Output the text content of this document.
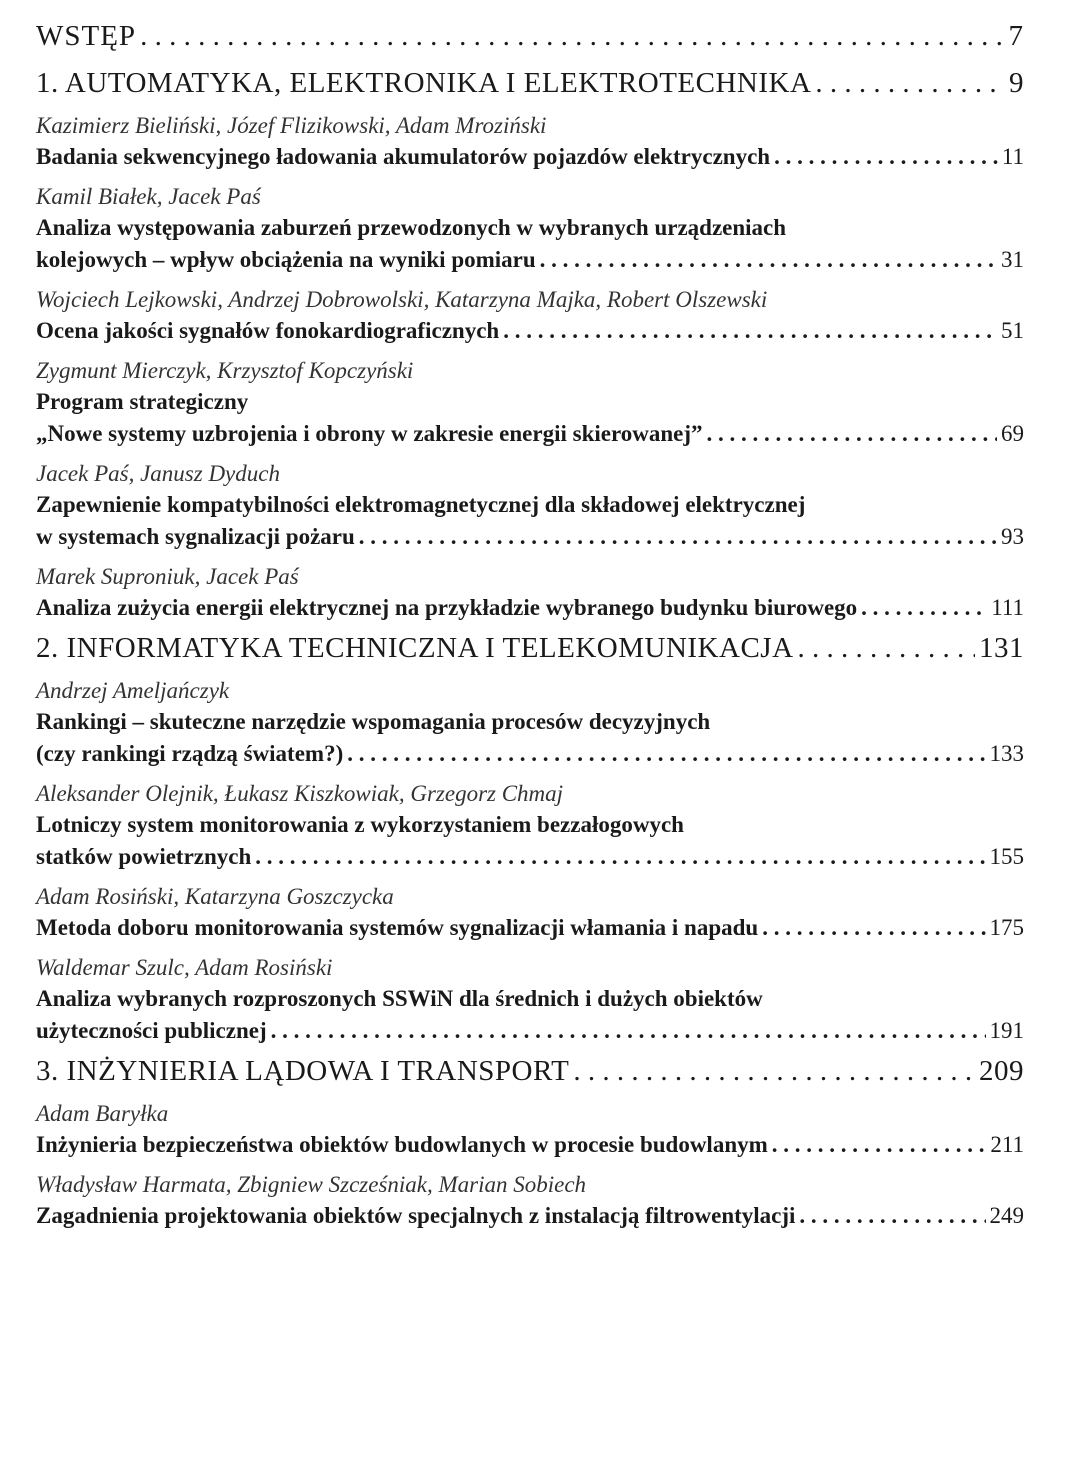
WSTĘP . . .	7
1. AUTOMATYKA, ELEKTRONIKA I ELEKTROTECHNIKA . . .	9
Kazimierz Bieliński, Józef Flizikowski, Adam Mroziński
Badania sekwencyjnego ładowania akumulatorów pojazdów elektrycznych . . .	11
Kamil Białek, Jacek Paś
Analiza występowania zaburzeń przewodzonych w wybranych urządzeniach
kolejowych – wpływ obciążenia na wyniki pomiaru . . .	31
Wojciech Lejkowski, Andrzej Dobrowolski, Katarzyna Majka, Robert Olszewski
Ocena jakości sygnałów fonokardiograficznych . . .	51
Zygmunt Mierczyk, Krzysztof Kopczyński
Program strategiczny
„Nowe systemy uzbrojenia i obrony w zakresie energii skierowanej” . . .	69
Jacek Paś, Janusz Dyduch
Zapewnienie kompatybilności elektromagnetycznej dla składowej elektrycznej
w systemach sygnalizacji pożaru . . .	93
Marek Suproniuk, Jacek Paś
Analiza zużycia energii elektrycznej na przykładzie wybranego budynku biurowego . . .	111
2. INFORMATYKA TECHNICZNA I TELEKOMUNIKACJA . . .	131
Andrzej Ameljańczyk
Rankingi – skuteczne narzędzie wspomagania procesów decyzyjnych
(czy rankingi rządzą światem?) . . .	133
Aleksander Olejnik, Łukasz Kiszkowiak, Grzegorz Chmaj
Lotniczy system monitorowania z wykorzystaniem bezzałogowych
statków powietrznych . . .	155
Adam Rosiński, Katarzyna Goszczycka
Metoda doboru monitorowania systemów sygnalizacji włamania i napadu . . .	175
Waldemar Szulc, Adam Rosiński
Analiza wybranych rozproszonych SSWiN dla średnich i dużych obiektów
użyteczności publicznej . . .	191
3. INŻYNIERIA LĄDOWA I TRANSPORT . . .	209
Adam Baryłka
Inżynieria bezpieczeństwa obiektów budowlanych w procesie budowlanym . . .	211
Władysław Harmata, Zbigniew Szcześniak, Marian Sobiech
Zagadnienia projektowania obiektów specjalnych z instalacją filtrowentylacji . . .	249
